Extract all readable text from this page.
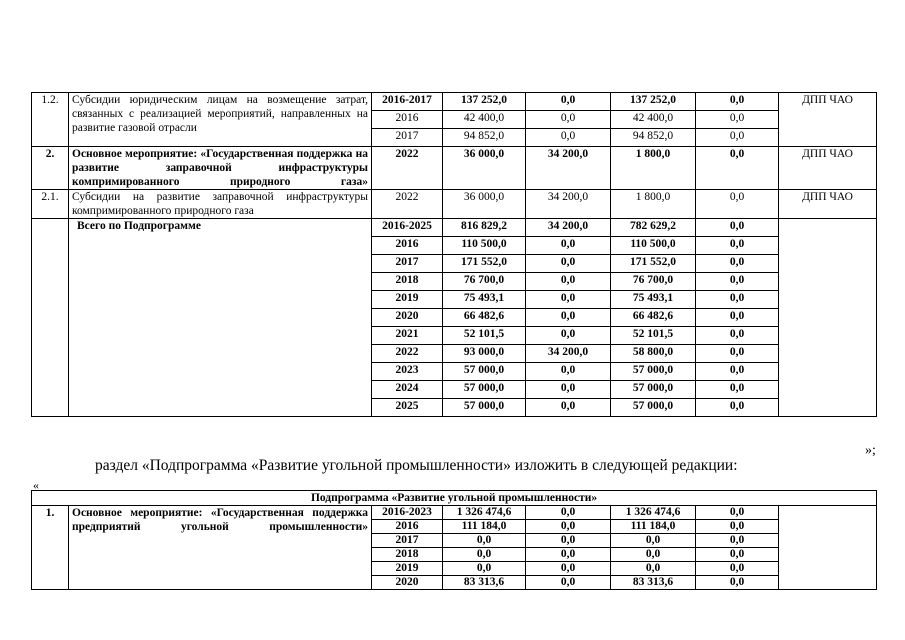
1.2.	Субсидии юридическим лицам на возмещение затрат, связанных с реализацией мероприятий, направленных на развитие газовой отрасли	2016-2017	137 252,0	0,0	137 252,0	0,0	ДПП ЧАО
		2016	42 400,0	0,0	42 400,0	0,0	
		2017	94 852,0	0,0	94 852,0	0,0	
2.	Основное мероприятие: «Государственная поддержка на развитие заправочной инфраструктуры компримированного природного газа»	2022	36 000,0	34 200,0	1 800,0	0,0	ДПП ЧАО
2.1.	Субсидии на развитие заправочной инфраструктуры компримированного природного газа	2022	36 000,0	34 200,0	1 800,0	0,0	ДПП ЧАО
	Всего по Подпрограмме	2016-2025	816 829,2	34 200,0	782 629,2	0,0	
		2016	110 500,0	0,0	110 500,0	0,0	
		2017	171 552,0	0,0	171 552,0	0,0	
		2018	76 700,0	0,0	76 700,0	0,0	
		2019	75 493,1	0,0	75 493,1	0,0	
		2020	66 482,6	0,0	66 482,6	0,0	
		2021	52 101,5	0,0	52 101,5	0,0	
		2022	93 000,0	34 200,0	58 800,0	0,0	
		2023	57 000,0	0,0	57 000,0	0,0	
		2024	57 000,0	0,0	57 000,0	0,0	
		2025	57 000,0	0,0	57 000,0	0,0	
»;
раздел «Подпрограмма «Развитие угольной промышленности» изложить в следующей редакции:
«
Подпрограмма «Развитие угольной промышленности»							
1.	Основное мероприятие: «Государственная поддержка предприятий угольной промышленности»	2016-2023	1 326 474,6	0,0	1 326 474,6	0,0	
		2016	111 184,0	0,0	111 184,0	0,0	
		2017	0,0	0,0	0,0	0,0	
		2018	0,0	0,0	0,0	0,0	
		2019	0,0	0,0	0,0	0,0	
		2020	83 313,6	0,0	83 313,6	0,0	
